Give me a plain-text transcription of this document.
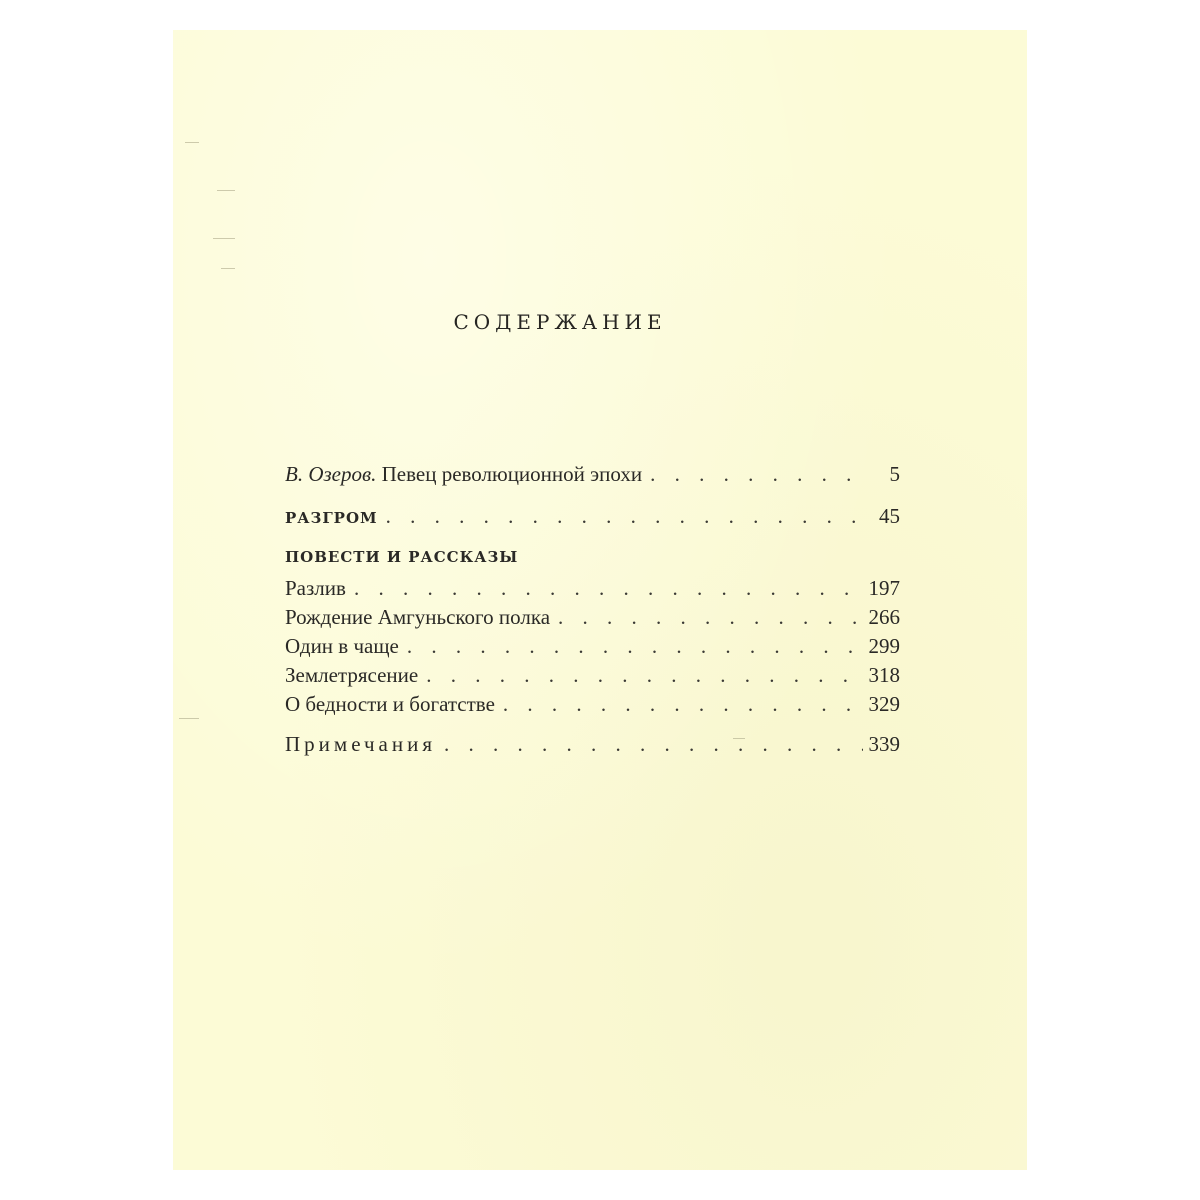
СОДЕРЖАНИЕ
В. Озеров. Певец революционной эпохи . . .	5
РАЗГРОМ . . .	45
ПОВЕСТИ И РАССКАЗЫ
Разлив . . .	197
Рождение Амгуньского полка . . .	266
Один в чаще . . .	299
Землетрясение . . .	318
О бедности и богатстве . . .	329
Примечания . . .	339
